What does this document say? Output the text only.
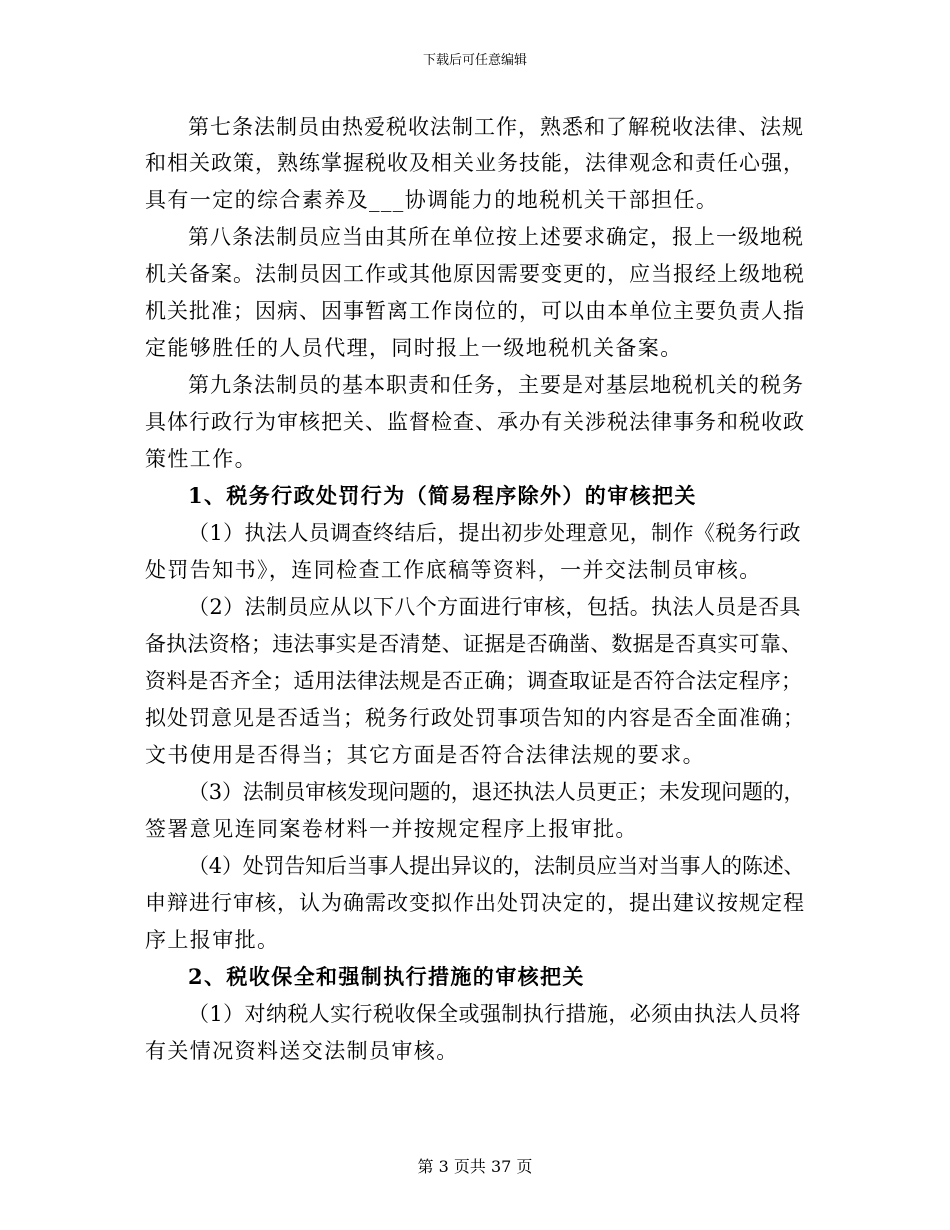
下载后可任意编辑
第七条法制员由热爱税收法制工作，熟悉和了解税收法律、法规
和相关政策，熟练掌握税收及相关业务技能，法律观念和责任心强，
具有一定的综合素养及___协调能力的地税机关干部担任。
第八条法制员应当由其所在单位按上述要求确定，报上一级地税
机关备案。法制员因工作或其他原因需要变更的，应当报经上级地税
机关批准；因病、因事暂离工作岗位的，可以由本单位主要负责人指
定能够胜任的人员代理，同时报上一级地税机关备案。
第九条法制员的基本职责和任务，主要是对基层地税机关的税务
具体行政行为审核把关、监督检查、承办有关涉税法律事务和税收政
策性工作。
1、税务行政处罚行为（简易程序除外）的审核把关
（1）执法人员调查终结后，提出初步处理意见，制作《税务行政
处罚告知书》，连同检查工作底稿等资料，一并交法制员审核。
（2）法制员应从以下八个方面进行审核，包括。执法人员是否具
备执法资格；违法事实是否清楚、证据是否确凿、数据是否真实可靠、
资料是否齐全；适用法律法规是否正确；调查取证是否符合法定程序；
拟处罚意见是否适当；税务行政处罚事项告知的内容是否全面准确；
文书使用是否得当；其它方面是否符合法律法规的要求。
（3）法制员审核发现问题的，退还执法人员更正；未发现问题的，
签署意见连同案卷材料一并按规定程序上报审批。
（4）处罚告知后当事人提出异议的，法制员应当对当事人的陈述、
申辩进行审核，认为确需改变拟作出处罚决定的，提出建议按规定程
序上报审批。
2、税收保全和强制执行措施的审核把关
（1）对纳税人实行税收保全或强制执行措施，必须由执法人员将
有关情况资料送交法制员审核。
第 3 页共 37 页
